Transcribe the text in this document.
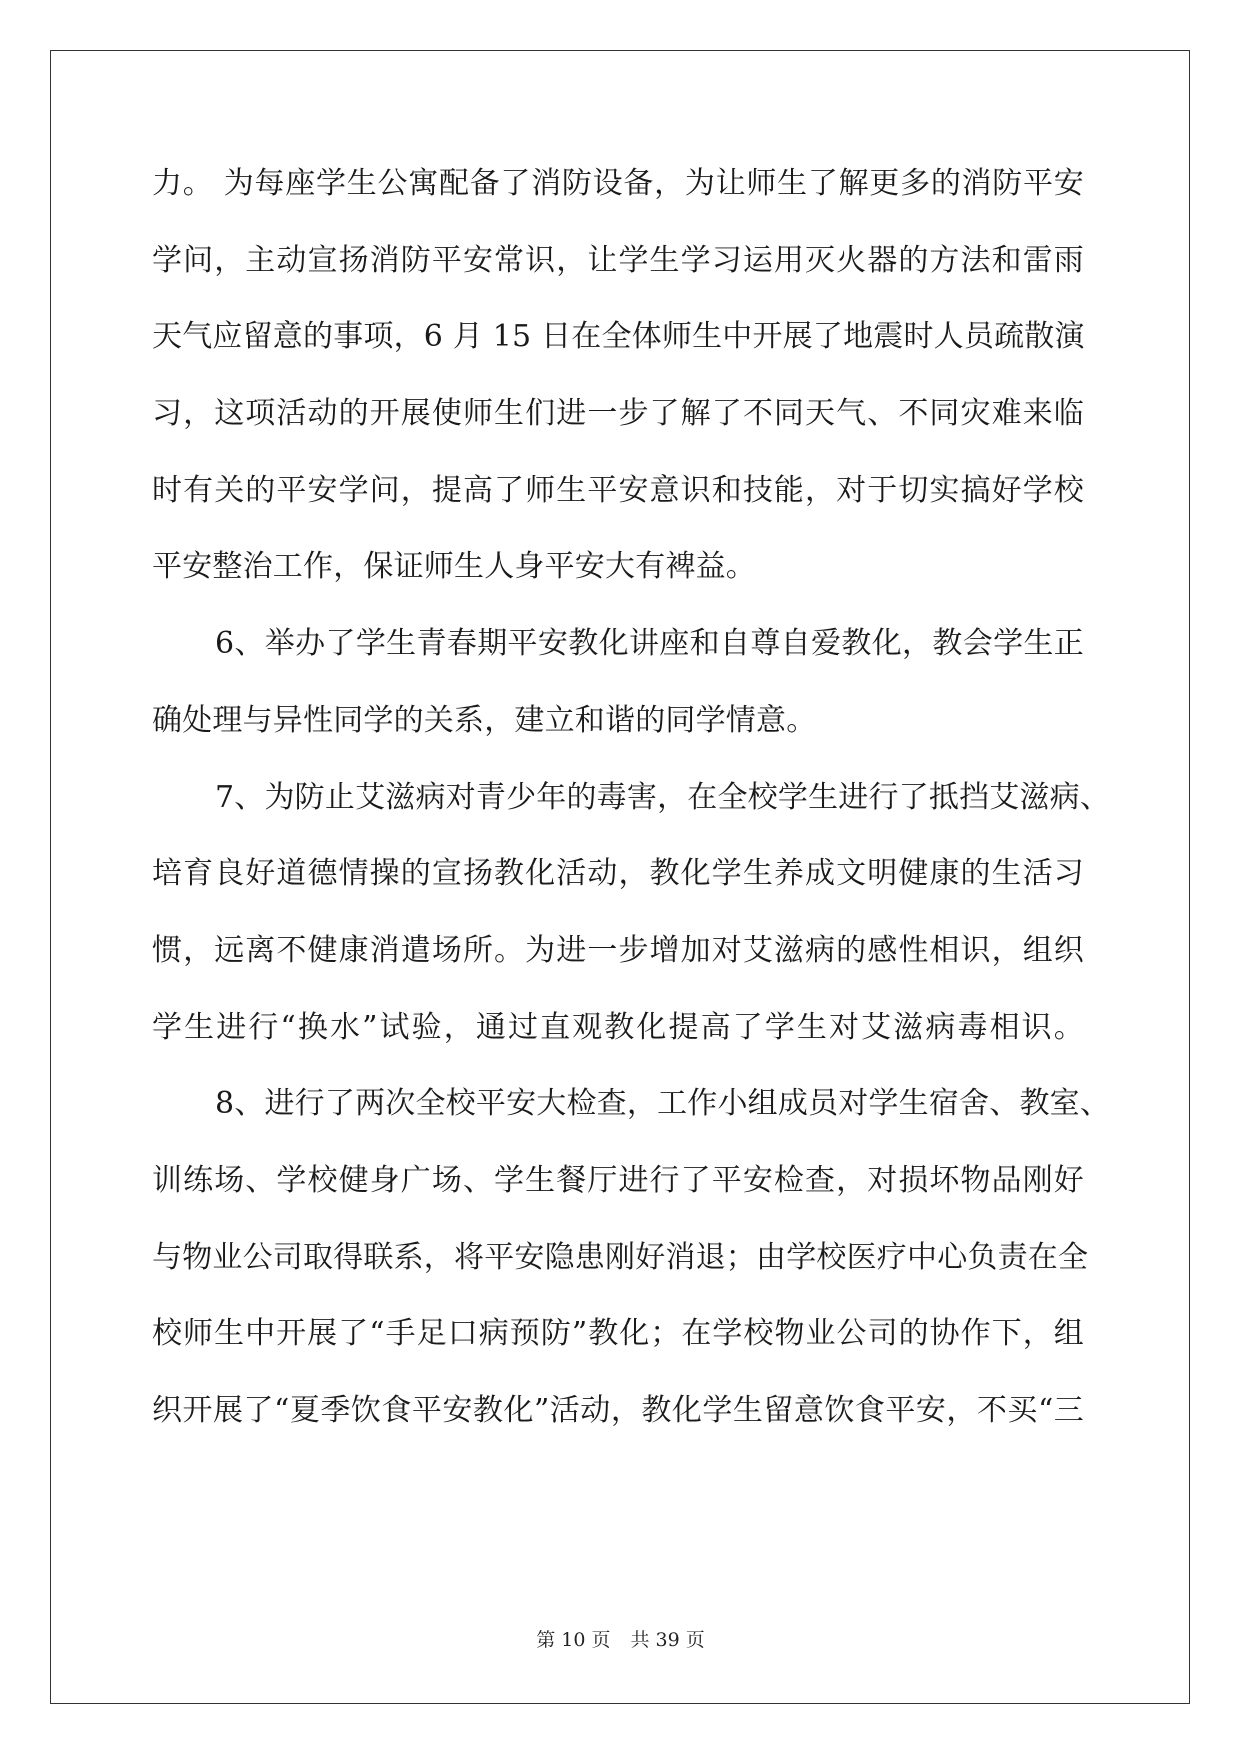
力。 为每座学生公寓配备了消防设备，为让师生了解更多的消防平安
学问，主动宣扬消防平安常识，让学生学习运用灭火器的方法和雷雨
天气应留意的事项，6 月 15 日在全体师生中开展了地震时人员疏散演
习，这项活动的开展使师生们进一步了解了不同天气、不同灾难来临
时有关的平安学问，提高了师生平安意识和技能，对于切实搞好学校
平安整治工作，保证师生人身平安大有裨益。
6、举办了学生青春期平安教化讲座和自尊自爱教化，教会学生正
确处理与异性同学的关系，建立和谐的同学情意。
7、为防止艾滋病对青少年的毒害，在全校学生进行了抵挡艾滋病、
培育良好道德情操的宣扬教化活动，教化学生养成文明健康的生活习
惯，远离不健康消遣场所。为进一步增加对艾滋病的感性相识，组织
学生进行“换水”试验，通过直观教化提高了学生对艾滋病毒相识。
8、进行了两次全校平安大检查，工作小组成员对学生宿舍、教室、
训练场、学校健身广场、学生餐厅进行了平安检查，对损坏物品刚好
与物业公司取得联系，将平安隐患刚好消退；由学校医疗中心负责在全
校师生中开展了“手足口病预防”教化；在学校物业公司的协作下，组
织开展了“夏季饮食平安教化”活动，教化学生留意饮食平安，不买“三
第 10 页 共 39 页
